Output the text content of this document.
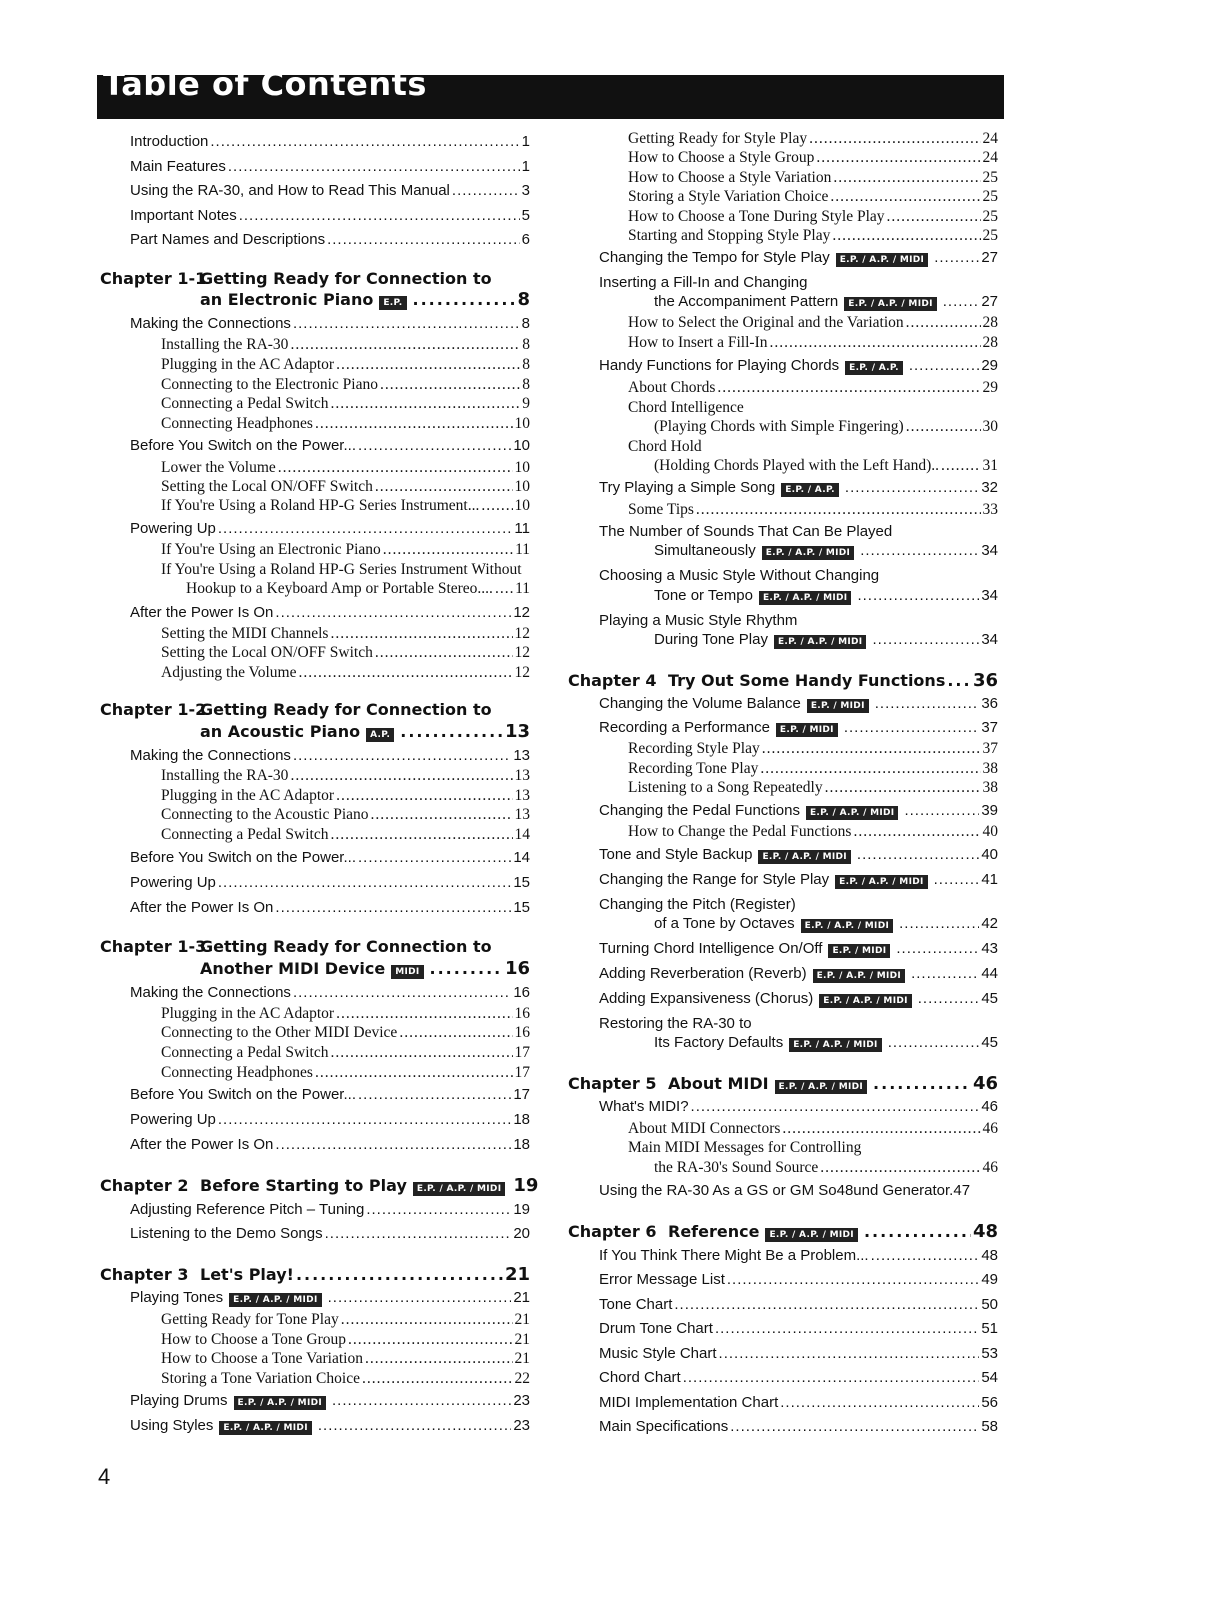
Table of Contents
Introduction .....	1
Main Features .....	1
Using the RA-30, and How to Read This Manual .....	3
Important Notes .....	5
Part Names and Descriptions .....	6
Chapter 1-1
Getting Ready for Connection to
an Electronic Piano	E.P. .....	8
Making the Connections .....	8
Installing the RA-30 .....	8
Plugging in the AC Adaptor .....	8
Connecting to the Electronic Piano .....	8
Connecting a Pedal Switch .....	9
Connecting Headphones .....	10
Before You Switch on the Power... .....	10
Lower the Volume .....	10
Setting the Local ON/OFF Switch .....	10
If You're Using a Roland HP-G Series Instrument... ..... 10
Powering Up .....	11
If You're Using an Electronic Piano .....	11
If You're Using a Roland HP-G Series Instrument Without
Hookup to a Keyboard Amp or Portable Stereo.... ..... 11
After the Power Is On .....	12
Setting the MIDI Channels .....	12
Setting the Local ON/OFF Switch .....	12
Adjusting the Volume .....	12
Chapter 1-2
Getting Ready for Connection to
an Acoustic Piano	A.P. .....	13
Making the Connections .....	13
Installing the RA-30 .....	13
Plugging in the AC Adaptor .....	13
Connecting to the Acoustic Piano .....	13
Connecting a Pedal Switch .....	14
Before You Switch on the Power... .....	14
Powering Up .....	15
After the Power Is On .....	15
Chapter 1-3
Getting Ready for Connection to
Another MIDI Device	MIDI .....	16
Making the Connections .....	16
Plugging in the AC Adaptor .....	16
Connecting to the Other MIDI Device .....	16
Connecting a Pedal Switch .....	17
Connecting Headphones .....	17
Before You Switch on the Power... .....	17
Powering Up .....	18
After the Power Is On .....	18
Chapter 2 Before Starting to Play	E.P. / A.P. / MIDI 19
Adjusting Reference Pitch – Tuning .....	19
Listening to the Demo Songs .....	20
Chapter 3 Let's Play! .....	21
Playing Tones	E.P. / A.P. / MIDI .....	21
Getting Ready for Tone Play .....	21
How to Choose a Tone Group .....	21
How to Choose a Tone Variation .....	21
Storing a Tone Variation Choice .....	22
Playing Drums	E.P. / A.P. / MIDI .....	23
Using Styles	E.P. / A.P. / MIDI .....	23
Getting Ready for Style Play .....	24
How to Choose a Style Group .....	24
How to Choose a Style Variation .....	25
Storing a Style Variation Choice .....	25
How to Choose a Tone During Style Play .....	25
Starting and Stopping Style Play .....	25
Changing the Tempo for Style Play	E.P. / A.P. / MIDI .....	27
Inserting a Fill-In and Changing
the Accompaniment Pattern	E.P. / A.P. / MIDI .....	27
How to Select the Original and the Variation .....	28
How to Insert a Fill-In .....	28
Handy Functions for Playing Chords	E.P. / A.P. .....	29
About Chords .....	29
Chord Intelligence
(Playing Chords with Simple Fingering) .....	30
Chord Hold
(Holding Chords Played with the Left Hand).. .....	31
Try Playing a Simple Song	E.P. / A.P. .....	32
Some Tips .....	33
The Number of Sounds That Can Be Played
Simultaneously	E.P. / A.P. / MIDI .....	34
Choosing a Music Style Without Changing
Tone or Tempo	E.P. / A.P. / MIDI .....	34
Playing a Music Style Rhythm
During Tone Play	E.P. / A.P. / MIDI .....	34
Chapter 4 Try Out Some Handy Functions ..... 36
Changing the Volume Balance	E.P. / MIDI .....	36
Recording a Performance	E.P. / MIDI .....	37
Recording Style Play .....	37
Recording Tone Play .....	38
Listening to a Song Repeatedly .....	38
Changing the Pedal Functions	E.P. / A.P. / MIDI .....	39
How to Change the Pedal Functions .....	40
Tone and Style Backup	E.P. / A.P. / MIDI .....	40
Changing the Range for Style Play	E.P. / A.P. / MIDI .....	41
Changing the Pitch (Register)
of a Tone by Octaves	E.P. / A.P. / MIDI .....	42
Turning Chord Intelligence On/Off	E.P. / MIDI .....	43
Adding Reverberation (Reverb)	E.P. / A.P. / MIDI .....	44
Adding Expansiveness (Chorus)	E.P. / A.P. / MIDI .....	45
Restoring the RA-30 to
Its Factory Defaults	E.P. / A.P. / MIDI .....	45
Chapter 5 About MIDI	E.P. / A.P. / MIDI .....	46
What's MIDI? .....	46
About MIDI Connectors .....	46
Main MIDI Messages for Controlling
the RA-30's Sound Source .....	46
Using the RA-30 As a GS or GM So48und Generator.47
Chapter 6 Reference	E.P. / A.P. / MIDI .....	48
If You Think There Might Be a Problem... .....	48
Error Message List .....	49
Tone Chart .....	50
Drum Tone Chart .....	51
Music Style Chart .....	53
Chord Chart .....	54
MIDI Implementation Chart .....	56
Main Specifications .....	58
4
